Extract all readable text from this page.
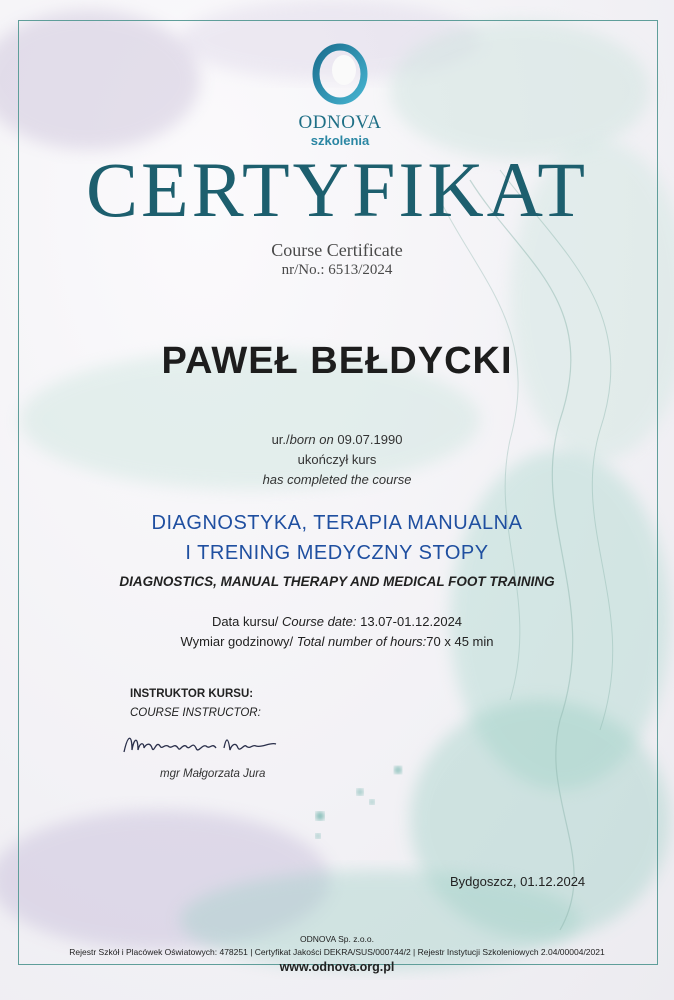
ODNOVA
szkolenia
CERTYFIKAT
Course Certificate
nr/No.: 6513/2024
PAWEŁ BEŁDYCKI
ur./born on 09.07.1990
ukończył kurs
has completed the course
DIAGNOSTYKA, TERAPIA MANUALNA
I TRENING MEDYCZNY STOPY
DIAGNOSTICS, MANUAL THERAPY AND MEDICAL FOOT TRAINING
Data kursu/ Course date: 13.07-01.12.2024
Wymiar godzinowy/ Total number of hours:70 x 45 min
INSTRUKTOR KURSU:
COURSE INSTRUCTOR:
mgr Małgorzata Jura
Bydgoszcz, 01.12.2024
ODNOVA Sp. z.o.o.
Rejestr Szkół i Placówek Oświatowych: 478251 | Certyfikat Jakości DEKRA/SUS/000744/2 | Rejestr Instytucji Szkoleniowych 2.04/00004/2021
www.odnova.org.pl
